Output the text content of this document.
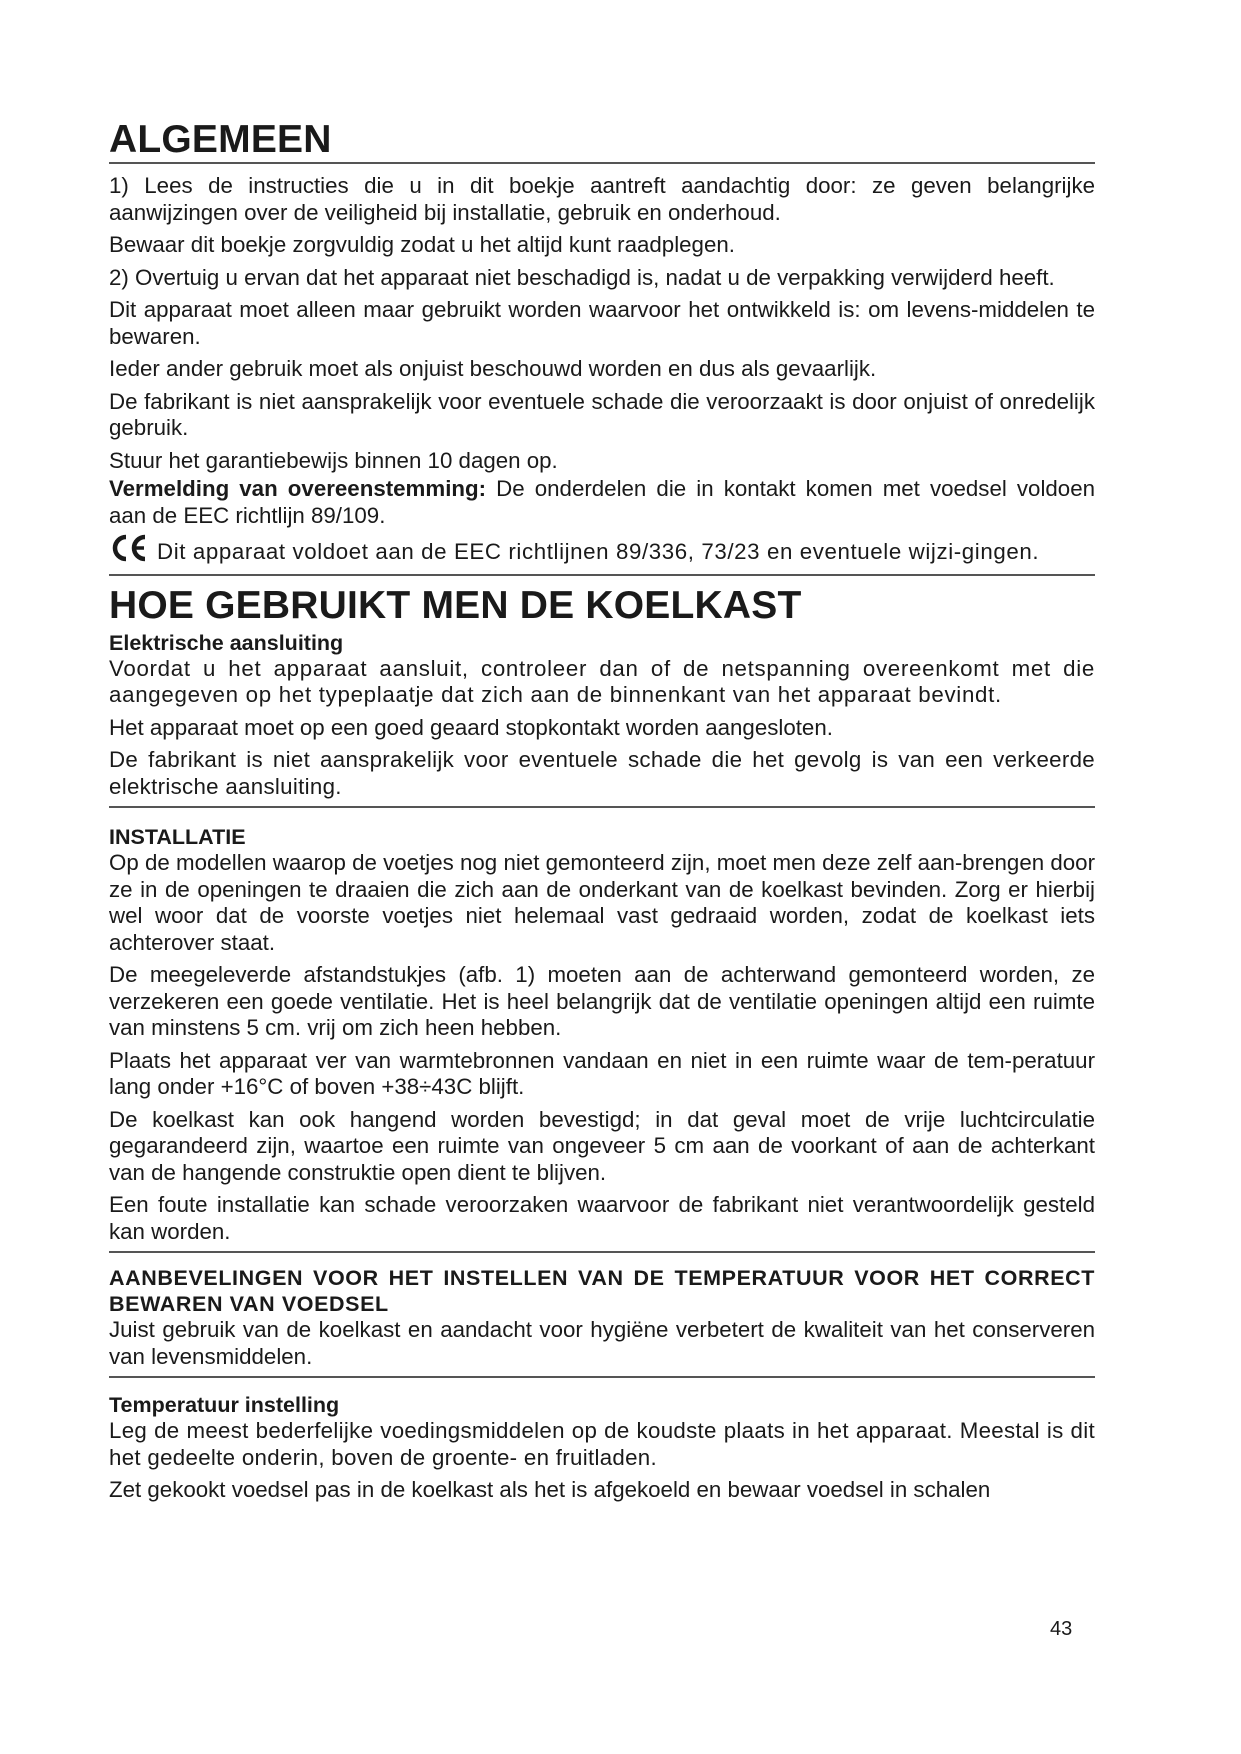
ALGEMEEN

1) Lees de instructies die u in dit boekje aantreft aandachtig door: ze geven belangrijke aanwijzingen over de veiligheid bij installatie, gebruik en onderhoud.

Bewaar dit boekje zorgvuldig zodat u het altijd kunt raadplegen.

2) Overtuig u ervan dat het apparaat niet beschadigd is, nadat u de verpakking verwijderd heeft.

Dit apparaat moet alleen maar gebruikt worden waarvoor het ontwikkeld is: om levens-middelen te bewaren.

Ieder ander gebruik moet als onjuist beschouwd worden en dus als gevaarlijk.

De fabrikant is niet aansprakelijk voor eventuele schade die veroorzaakt is door onjuist of onredelijk gebruik.

Stuur het garantiebewijs binnen 10 dagen op.

Vermelding van overeenstemming: De onderdelen die in kontakt komen met voedsel voldoen aan de EEC richtlijn 89/109.

Dit apparaat voldoet aan de EEC richtlijnen 89/336, 73/23 en eventuele wijzi-gingen.

HOE GEBRUIKT MEN DE KOELKAST
Elektrische aansluiting

Voordat u het apparaat aansluit, controleer dan of de netspanning overeenkomt met die aangegeven op het typeplaatje dat zich aan de binnenkant van het apparaat bevindt.

Het apparaat moet op een goed geaard stopkontakt worden aangesloten.

De fabrikant is niet aansprakelijk voor eventuele schade die het gevolg is van een verkeerde elektrische aansluiting.

INSTALLATIE

Op de modellen waarop de voetjes nog niet gemonteerd zijn, moet men deze zelf aan-brengen door ze in de openingen te draaien die zich aan de onderkant van de koelkast bevinden. Zorg er hierbij wel woor dat de voorste voetjes niet helemaal vast gedraaid worden, zodat de koelkast iets achterover staat.

De meegeleverde afstandstukjes (afb. 1) moeten aan de achterwand gemonteerd worden, ze verzekeren een goede ventilatie. Het is heel belangrijk dat de ventilatie openingen altijd een ruimte van minstens 5 cm. vrij om zich heen hebben.

Plaats het apparaat ver van warmtebronnen vandaan en niet in een ruimte waar de tem-peratuur lang onder +16°C of boven +38÷43C blijft.

De koelkast kan ook hangend worden bevestigd; in dat geval moet de vrije luchtcirculatie gegarandeerd zijn, waartoe een ruimte van ongeveer 5 cm aan de voorkant of aan de achterkant van de hangende construktie open dient te blijven.

Een foute installatie kan schade veroorzaken waarvoor de fabrikant niet verantwoordelijk gesteld kan worden.

AANBEVELINGEN VOOR HET INSTELLEN VAN DE TEMPERATUUR VOOR HET CORRECT BEWAREN VAN VOEDSEL

Juist gebruik van de koelkast en aandacht voor hygiëne verbetert de kwaliteit van het conserveren van levensmiddelen.

Temperatuur instelling

Leg de meest bederfelijke voedingsmiddelen op de koudste plaats in het apparaat. Meestal is dit het gedeelte onderin, boven de groente- en fruitladen.

Zet gekookt voedsel pas in de koelkast als het is afgekoeld en bewaar voedsel in schalen

43
